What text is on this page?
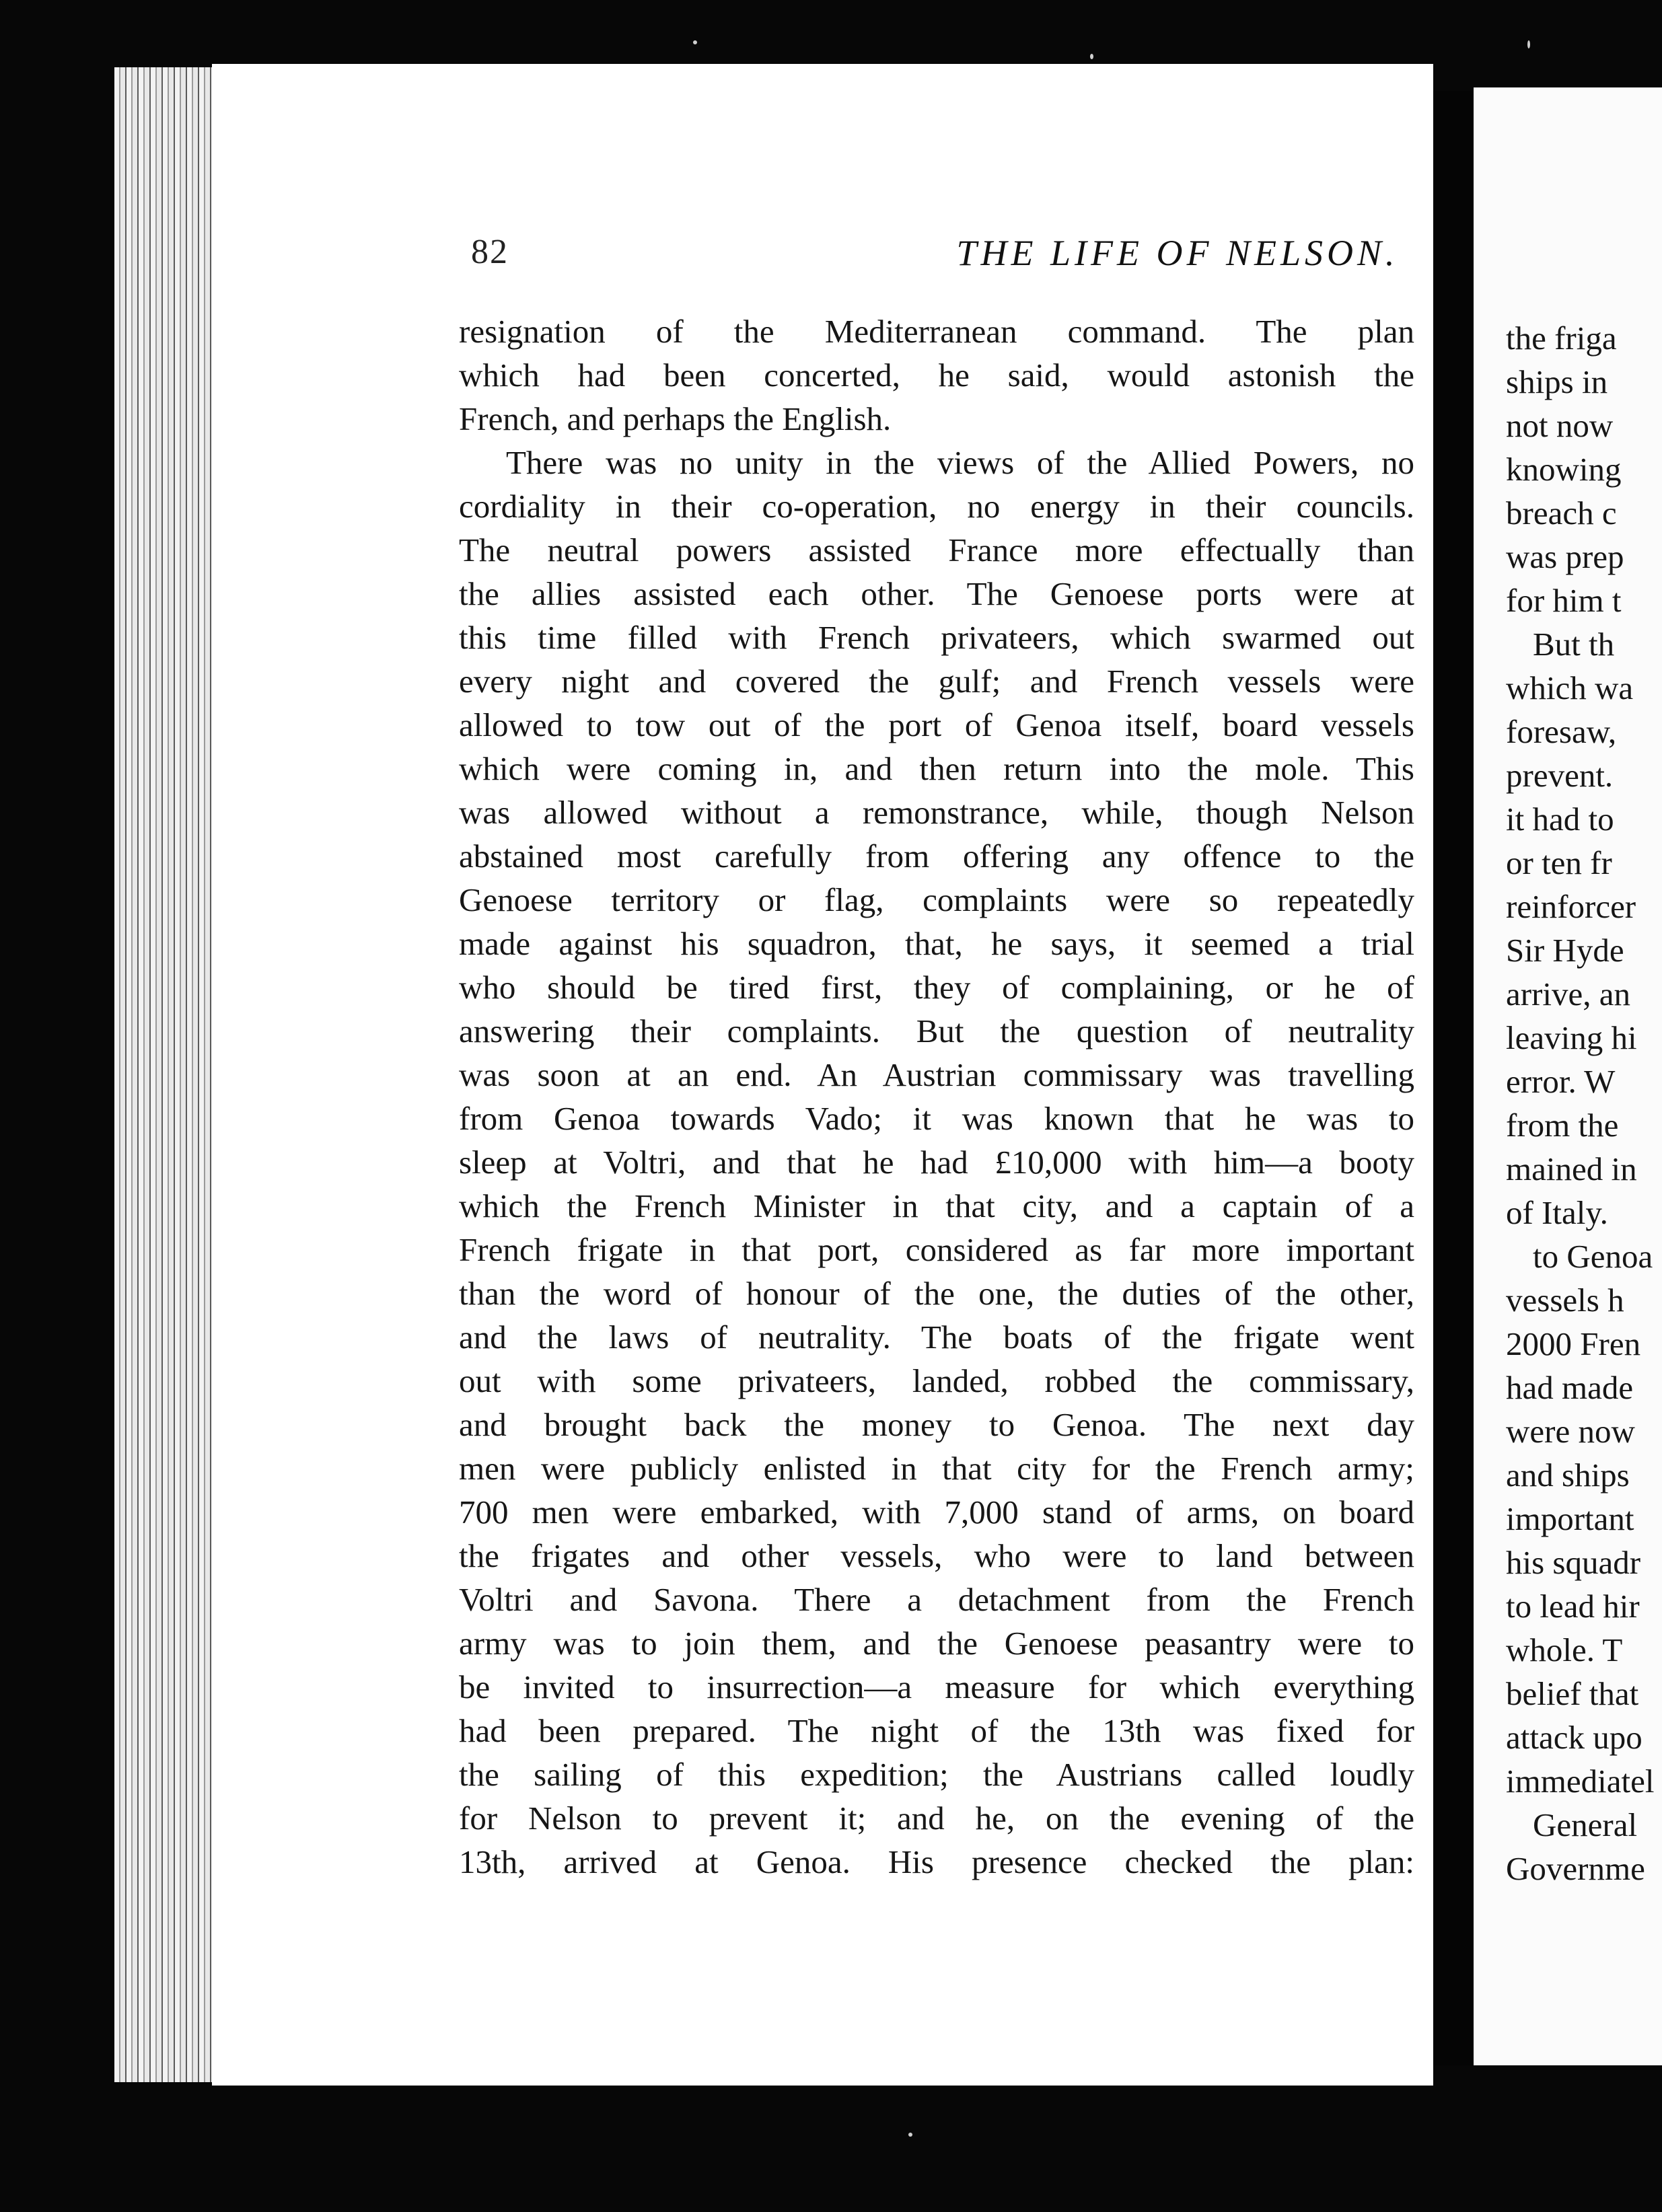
82	THE LIFE OF NELSON.
resignation of the Mediterranean command. The plan
which had been concerted, he said, would astonish the
French, and perhaps the English.
There was no unity in the views of the Allied Powers, no
cordiality in their co-operation, no energy in their councils.
The neutral powers assisted France more effectually than
the allies assisted each other. The Genoese ports were at
this time filled with French privateers, which swarmed out
every night and covered the gulf; and French vessels were
allowed to tow out of the port of Genoa itself, board vessels
which were coming in, and then return into the mole. This
was allowed without a remonstrance, while, though Nelson
abstained most carefully from offering any offence to the
Genoese territory or flag, complaints were so repeatedly
made against his squadron, that, he says, it seemed a trial
who should be tired first, they of complaining, or he of
answering their complaints. But the question of neutrality
was soon at an end. An Austrian commissary was travelling
from Genoa towards Vado; it was known that he was to
sleep at Voltri, and that he had £10,000 with him—a booty
which the French Minister in that city, and a captain of a
French frigate in that port, considered as far more important
than the word of honour of the one, the duties of the other,
and the laws of neutrality. The boats of the frigate went
out with some privateers, landed, robbed the commissary,
and brought back the money to Genoa. The next day
men were publicly enlisted in that city for the French army;
700 men were embarked, with 7,000 stand of arms, on board
the frigates and other vessels, who were to land between
Voltri and Savona. There a detachment from the French
army was to join them, and the Genoese peasantry were to
be invited to insurrection—a measure for which everything
had been prepared. The night of the 13th was fixed for
the sailing of this expedition; the Austrians called loudly
for Nelson to prevent it; and he, on the evening of the
13th, arrived at Genoa. His presence checked the plan:
the friga
ships in
not now
knowing
breach c
was prep
for him t
But th
which wa
foresaw,
prevent.
it had to
or ten fr
reinforcer
Sir Hyde
arrive, an
leaving hi
error. W
from the
mained in
of Italy.
to Genoa
vessels h
2000 Fren
had made
were now
and ships
important
his squadr
to lead hir
whole. T
belief that
attack upo
immediatel
General
Governme
